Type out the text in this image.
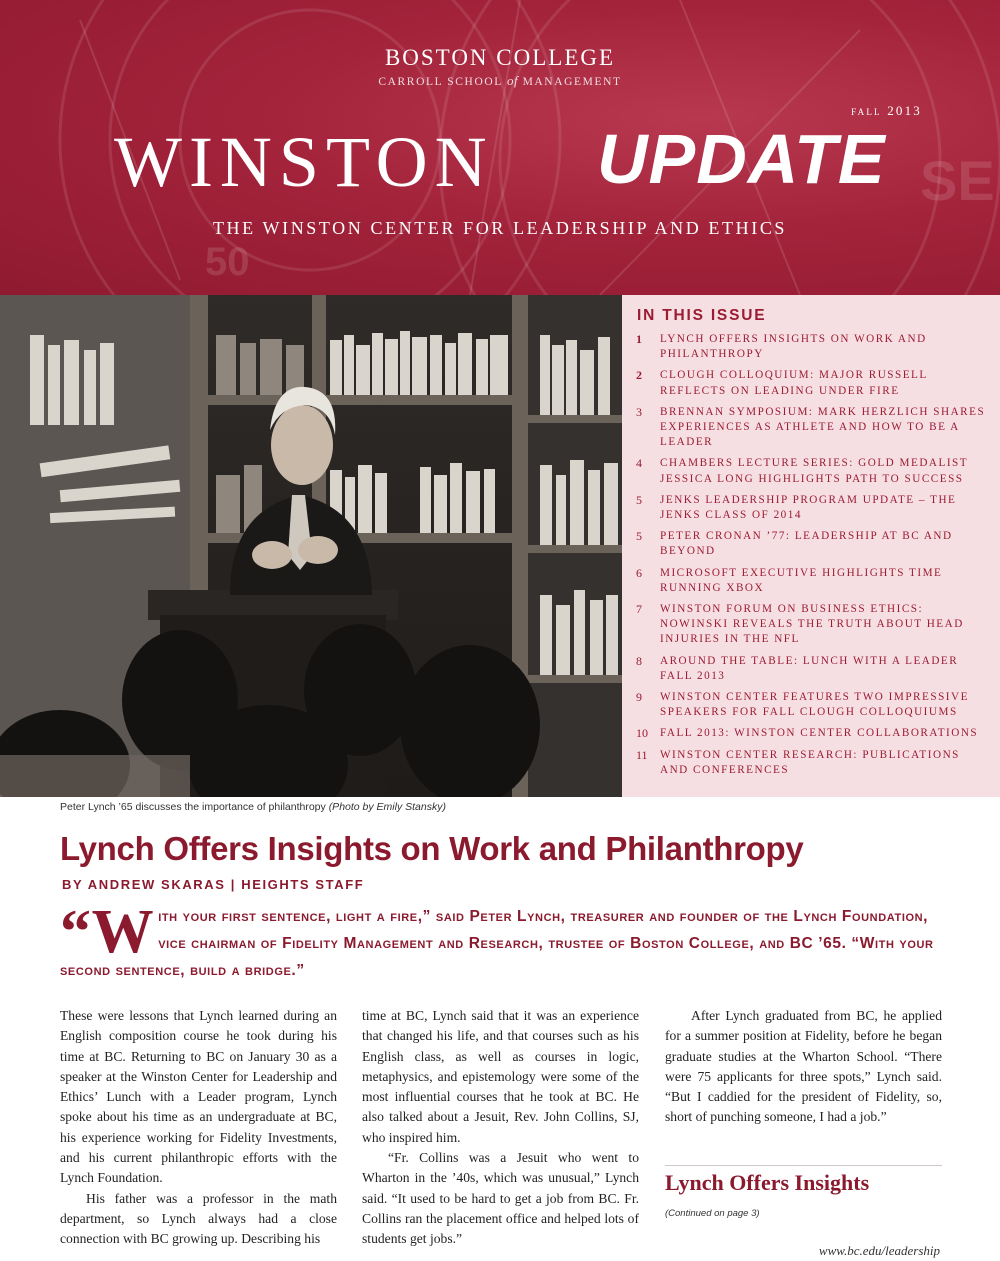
SE
50
BOSTON COLLEGE
CARROLL SCHOOL of MANAGEMENT
fall 2013
WINSTON UPDATE
THE WINSTON CENTER FOR LEADERSHIP AND ETHICS
Peter Lynch ’65 discusses the importance of philanthropy (Photo by Emily Stansky)
IN THIS ISSUE
1	LYNCH OFFERS INSIGHTS ON WORK AND PHILANTHROPY
2	CLOUGH COLLOQUIUM: MAJOR RUSSELL REFLECTS ON LEADING UNDER FIRE
3	BRENNAN SYMPOSIUM: MARK HERZLICH SHARES EXPERIENCES AS ATHLETE AND HOW TO BE A LEADER
4	CHAMBERS LECTURE SERIES: GOLD MEDALIST JESSICA LONG HIGHLIGHTS PATH TO SUCCESS
5	JENKS LEADERSHIP PROGRAM UPDATE – THE JENKS CLASS OF 2014
5	PETER CRONAN ’77: LEADERSHIP AT BC AND BEYOND
6	MICROSOFT EXECUTIVE HIGHLIGHTS TIME RUNNING XBOX
7	WINSTON FORUM ON BUSINESS ETHICS: NOWINSKI REVEALS THE TRUTH ABOUT HEAD INJURIES IN THE NFL
8	AROUND THE TABLE: LUNCH WITH A LEADER FALL 2013
9	WINSTON CENTER FEATURES TWO IMPRESSIVE SPEAKERS FOR FALL CLOUGH COLLOQUIUMS
10	FALL 2013: WINSTON CENTER COLLABORATIONS
11	WINSTON CENTER RESEARCH: PUBLICATIONS AND CONFERENCES
Lynch Offers Insights on Work and Philanthropy
BY ANDREW SKARAS | HEIGHTS STAFF
“With your first sentence, light a fire,” said Peter Lynch, treasurer and founder of the Lynch Foundation, vice chairman of Fidelity Management and Research, trustee of Boston College, and BC ’65. “With your second sentence, build a bridge.”

These were lessons that Lynch learned during an English composition course he took during his time at BC. Returning to BC on January 30 as a speaker at the Winston Center for Leadership and Ethics’ Lunch with a Leader program, Lynch spoke about his time as an undergraduate at BC, his experience working for Fidelity Investments, and his current philanthropic efforts with the Lynch Foundation.

His father was a professor in the math department, so Lynch always had a close connection with BC growing up. Describing his

time at BC, Lynch said that it was an experience that changed his life, and that courses such as his English class, as well as courses in logic, metaphysics, and epistemology were some of the most influential courses that he took at BC. He also talked about a Jesuit, Rev. John Collins, SJ, who inspired him.

“Fr. Collins was a Jesuit who went to Wharton in the ’40s, which was unusual,” Lynch said. “It used to be hard to get a job from BC. Fr. Collins ran the placement office and helped lots of students get jobs.”

After Lynch graduated from BC, he applied for a summer position at Fidelity, before he began graduate studies at the Wharton School. “There were 75 applicants for three spots,” Lynch said. “But I caddied for the president of Fidelity, so, short of punching someone, I had a job.”

Lynch Offers Insights
(Continued on page 3)
www.bc.edu/leadership
